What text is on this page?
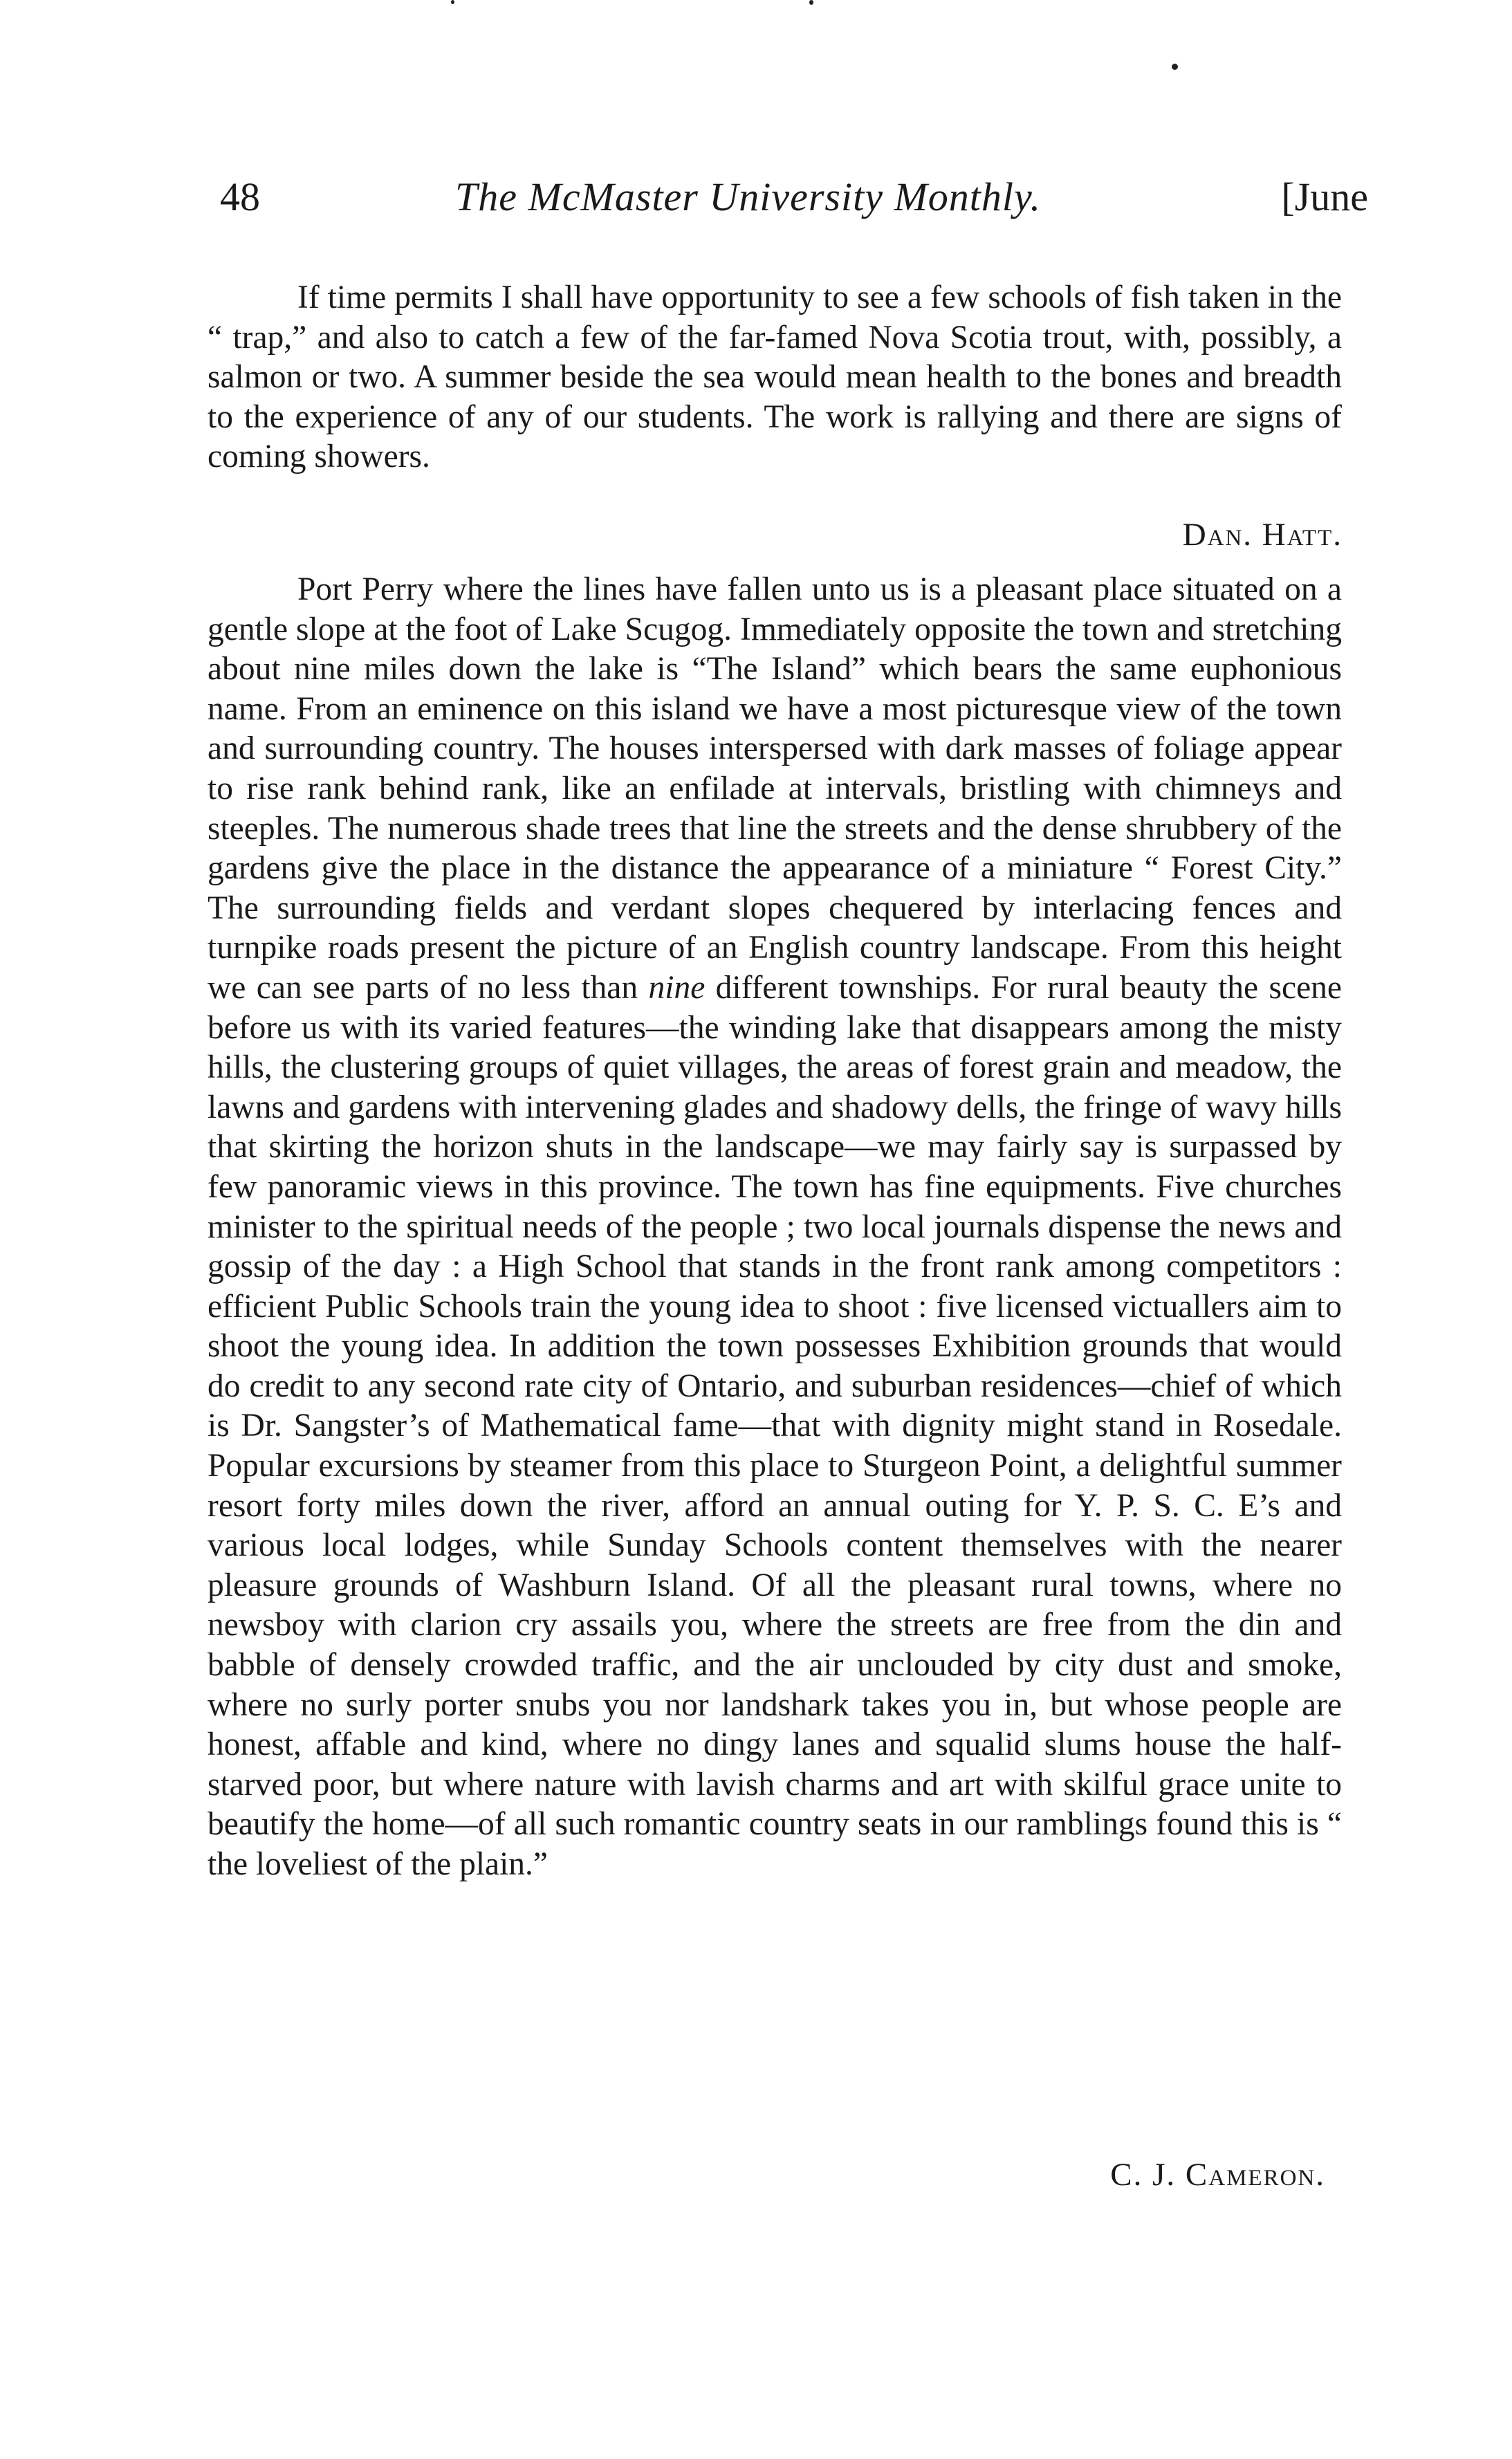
48	The McMaster University Monthly.	[June

If time permits I shall have opportunity to see a few schools of fish taken in the “ trap,” and also to catch a few of the far-famed Nova Scotia trout, with, possibly, a salmon or two. A summer beside the sea would mean health to the bones and breadth to the experience of any of our students. The work is rallying and there are signs of coming showers.

Dan. Hatt.

Port Perry where the lines have fallen unto us is a pleasant place situated on a gentle slope at the foot of Lake Scugog. Immediately opposite the town and stretching about nine miles down the lake is “The Island” which bears the same euphonious name. From an eminence on this island we have a most picturesque view of the town and surrounding country. The houses interspersed with dark masses of foliage appear to rise rank behind rank, like an enfilade at intervals, bristling with chimneys and steeples. The numerous shade trees that line the streets and the dense shrubbery of the gardens give the place in the distance the appearance of a miniature “ Forest City.” The surrounding fields and verdant slopes chequered by interlacing fences and turnpike roads present the picture of an English country landscape. From this height we can see parts of no less than nine different townships. For rural beauty the scene before us with its varied features—the winding lake that disappears among the misty hills, the clustering groups of quiet villages, the areas of forest grain and meadow, the lawns and gardens with intervening glades and shadowy dells, the fringe of wavy hills that skirting the horizon shuts in the landscape—we may fairly say is surpassed by few panoramic views in this province. The town has fine equipments. Five churches minister to the spiritual needs of the people ; two local journals dispense the news and gossip of the day : a High School that stands in the front rank among competitors : efficient Public Schools train the young idea to shoot : five licensed victuallers aim to shoot the young idea. In addition the town possesses Exhibition grounds that would do credit to any second rate city of Ontario, and suburban residences—chief of which is Dr. Sangster’s of Mathematical fame—that with dignity might stand in Rosedale. Popular excursions by steamer from this place to Sturgeon Point, a delightful summer resort forty miles down the river, afford an annual outing for Y. P. S. C. E’s and various local lodges, while Sunday Schools content themselves with the nearer pleasure grounds of Washburn Island. Of all the pleasant rural towns, where no newsboy with clarion cry assails you, where the streets are free from the din and babble of densely crowded traffic, and the air unclouded by city dust and smoke, where no surly porter snubs you nor landshark takes you in, but whose people are honest, affable and kind, where no dingy lanes and squalid slums house the half-starved poor, but where nature with lavish charms and art with skilful grace unite to beautify the home—of all such romantic country seats in our ramblings found this is “ the loveliest of the plain.”

C. J. Cameron.
